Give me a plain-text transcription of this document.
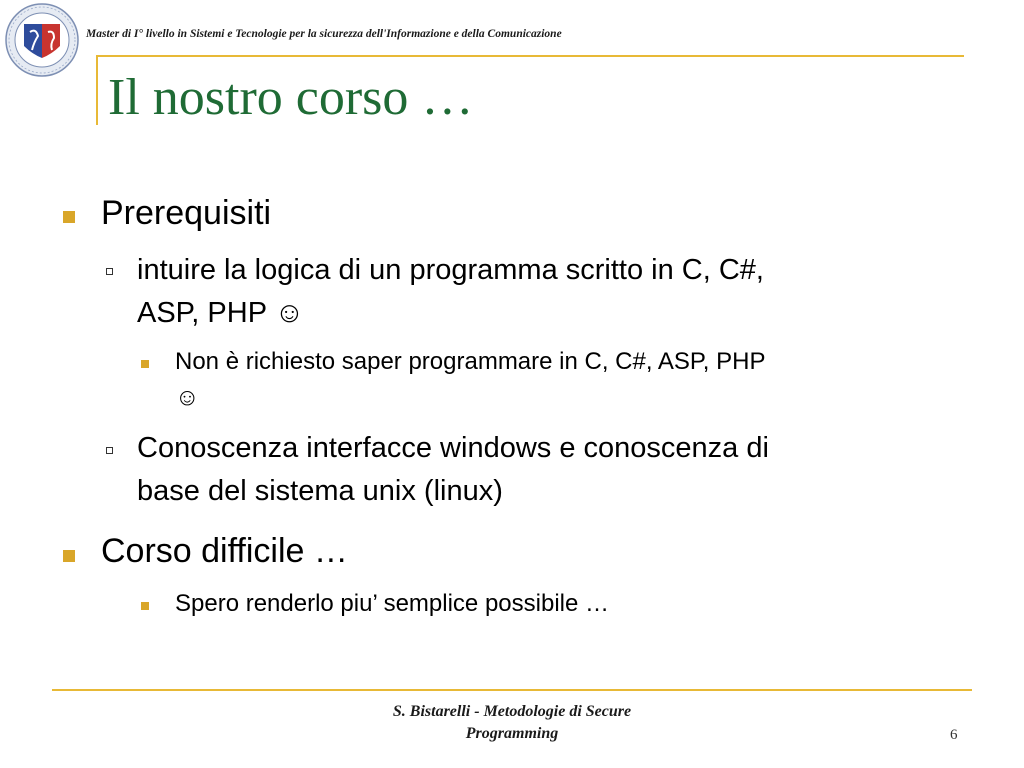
Master di I° livello in Sistemi e Tecnologie per la sicurezza dell'Informazione e della Comunicazione
Il nostro corso …
Prerequisiti
intuire la logica di un programma scritto in C, C#,
ASP, PHP ☺
Non è richiesto saper programmare in C, C#, ASP, PHP
☺
Conoscenza interfacce windows e conoscenza di
base del sistema unix (linux)
Corso difficile …
Spero renderlo piu’ semplice possibile …
S. Bistarelli - Metodologie di Secure
Programming	6
